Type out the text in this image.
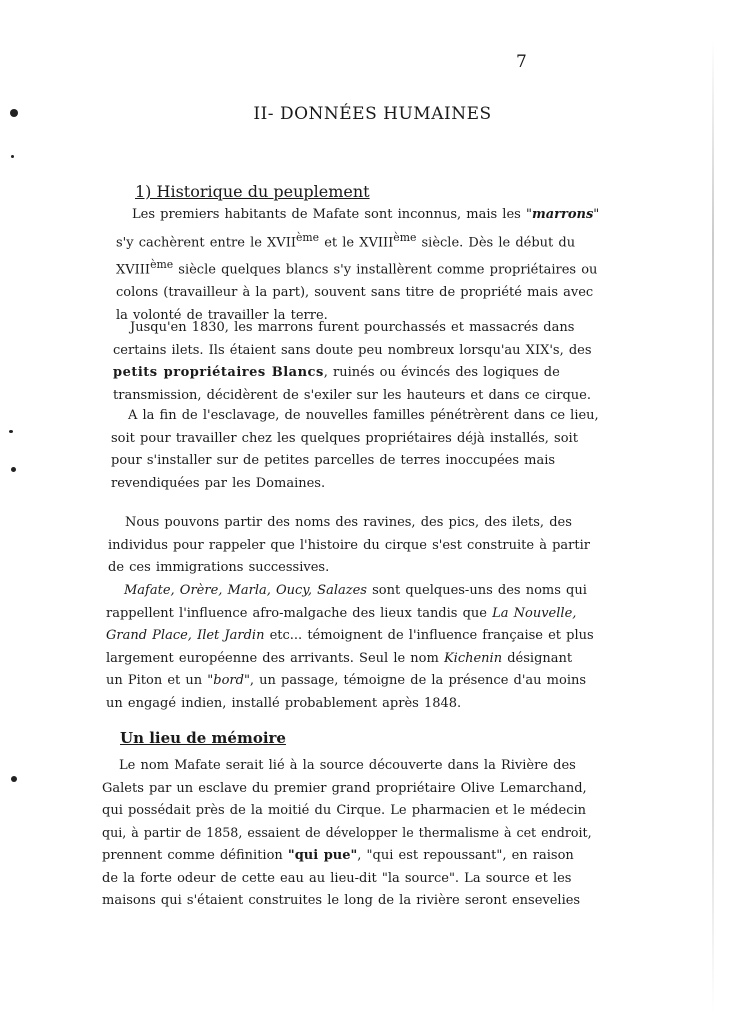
7
II- DONNÉES HUMAINES
1) Historique du peuplement
Les premiers habitants de Mafate sont inconnus, mais les "marrons"
s'y cachèrent entre le XVIIème et le XVIIIème siècle. Dès le début du
XVIIIème siècle quelques blancs s'y installèrent comme propriétaires ou
colons (travailleur à la part), souvent sans titre de propriété mais avec
la volonté de travailler la terre.
Jusqu'en 1830, les marrons furent pourchassés et massacrés dans
certains ilets. Ils étaient sans doute peu nombreux lorsqu'au XIX's, des
petits propriétaires Blancs, ruinés ou évincés des logiques de
transmission, décidèrent de s'exiler sur les hauteurs et dans ce cirque.
A la fin de l'esclavage, de nouvelles familles pénétrèrent dans ce lieu,
soit pour travailler chez les quelques propriétaires déjà installés, soit
pour s'installer sur de petites parcelles de terres inoccupées mais
revendiquées par les Domaines.
Nous pouvons partir des noms des ravines, des pics, des ilets, des
individus pour rappeler que l'histoire du cirque s'est construite à partir
de ces immigrations successives.
Mafate, Orère, Marla, Oucy, Salazes sont quelques-uns des noms qui
rappellent l'influence afro-malgache des lieux tandis que La Nouvelle,
Grand Place, Ilet Jardin etc... témoignent de l'influence française et plus
largement européenne des arrivants. Seul le nom Kichenin désignant
un Piton et un "bord", un passage, témoigne de la présence d'au moins
un engagé indien, installé probablement après 1848.
Un lieu de mémoire
Le nom Mafate serait lié à la source découverte dans la Rivière des
Galets par un esclave du premier grand propriétaire Olive Lemarchand,
qui possédait près de la moitié du Cirque. Le pharmacien et le médecin
qui, à partir de 1858, essaient de développer le thermalisme à cet endroit,
prennent comme définition "qui pue", "qui est repoussant", en raison
de la forte odeur de cette eau au lieu-dit "la source". La source et les
maisons qui s'étaient construites le long de la rivière seront ensevelies
